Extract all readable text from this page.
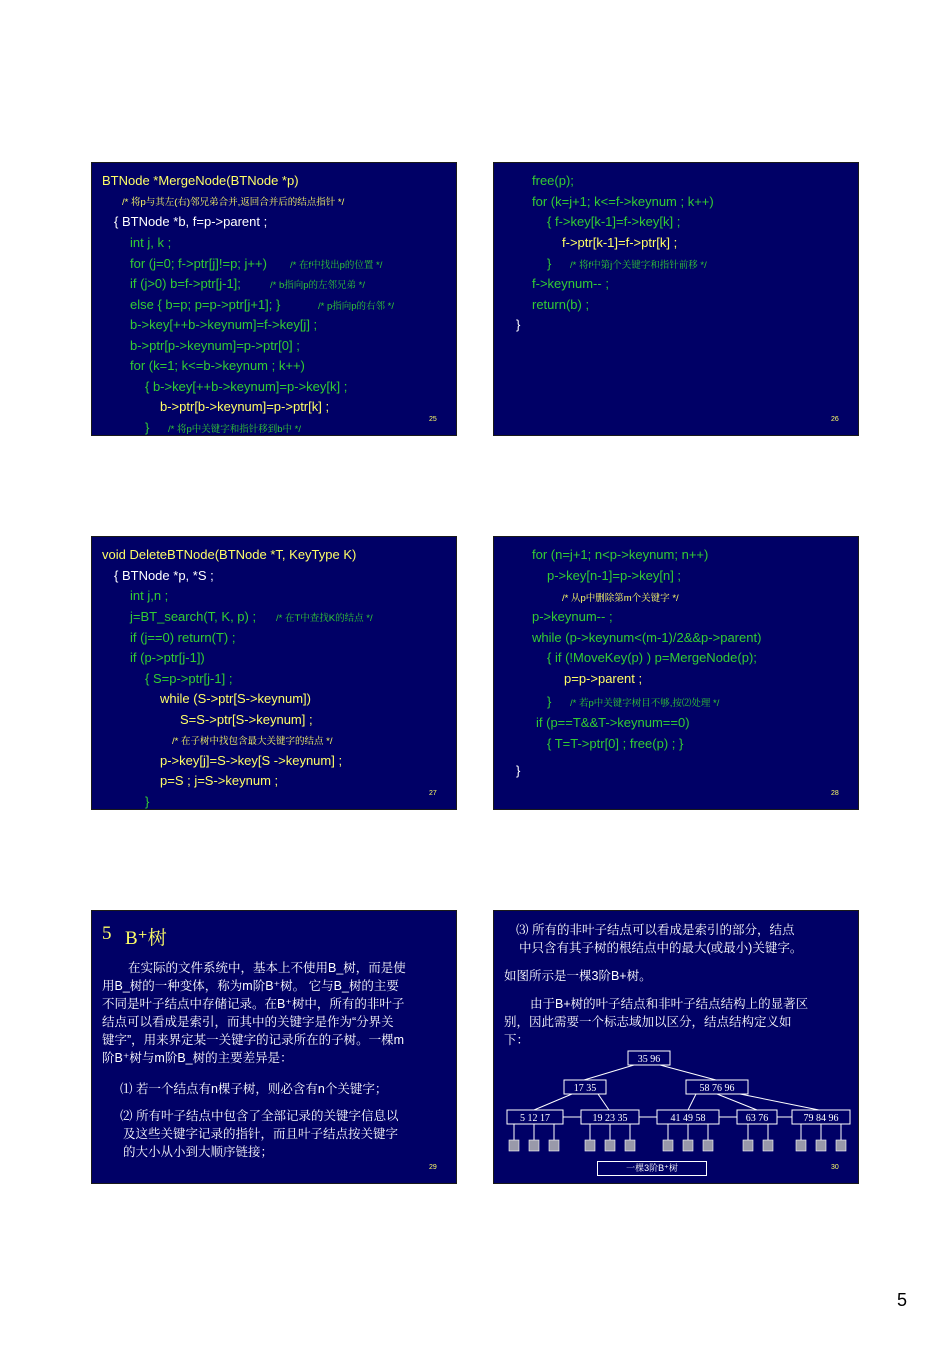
BTNode *MergeNode(BTNode *p)
/* 将p与其左(右)邻兄弟合并,返回合并后的结点指针 */
{ BTNode *b, f=p->parent ;
int j, k ;
for (j=0; f->ptr[j]!=p; j++) /* 在f中找出p的位置 */
if (j>0) b=f->ptr[j-1];	/* b指向p的左邻兄弟 */
else { b=p; p=p->ptr[j+1]; }	/* p指向p的右邻 */
b->key[++b->keynum]=f->key[j] ;
b->ptr[p->keynum]=p->ptr[0] ;
for (k=1; k<=b->keynum ; k++)
{ b->key[++b->keynum]=p->key[k] ;
b->ptr[b->keynum]=p->ptr[k] ;
} /* 将p中关键字和指针移到b中 */
25
free(p);
for (k=j+1; k<=f->keynum ; k++)
{ f->key[k-1]=f->key[k] ;
f->ptr[k-1]=f->ptr[k] ;
} /* 将f中第j个关键字和指针前移 */
f->keynum-- ;
return(b) ;
}
26
void DeleteBTNode(BTNode *T, KeyType K)
{ BTNode *p, *S ;
int j,n ;
j=BT_search(T, K, p) ; /* 在T中查找K的结点 */
if (j==0) return(T) ;
if (p->ptr[j-1])
{ S=p->ptr[j-1] ;
while (S->ptr[S->keynum])
S=S->ptr[S->keynum] ;
/* 在子树中找包含最大关键字的结点 */
p->key[j]=S->key[S ->keynum] ;
p=S ; j=S->keynum ;
}
27
for (n=j+1; n<p->keynum; n++)
p->key[n-1]=p->key[n] ;
/* 从p中删除第m个关键字 */
p->keynum-- ;
while (p->keynum<(m-1)/2&&p->parent)
{ if (!MoveKey(p) ) p=MergeNode(p);
p=p->parent ;
} /* 若p中关键字树目不够,按⑵处理 */
if (p==T&&T->keynum==0)
{ T=T->ptr[0] ; free(p) ; }
}
28
5 B⁺树
在实际的文件系统中，基本上不使用B_树，而是使
用B_树的一种变体，称为m阶B⁺树。 它与B_树的主要
不同是叶子结点中存储记录。在B⁺树中，所有的非叶子
结点可以看成是索引，而其中的关键字是作为“分界关
键字”，用来界定某一关键字的记录所在的子树。一棵m
阶B⁺树与m阶B_树的主要差异是：
⑴ 若一个结点有n棵子树，则必含有n个关键字；
⑵ 所有叶子结点中包含了全部记录的关键字信息以
及这些关键字记录的指针，而且叶子结点按关键字
的大小从小到大顺序链接；
29
⑶ 所有的非叶子结点可以看成是索引的部分，结点
中只含有其子树的根结点中的最大(或最小)关键字。
如图所示是一棵3阶B+树。
由于B+树的叶子结点和非叶子结点结构上的显著区
别，因此需要一个标志域加以区分，结点结构定义如
下：
35 96
17 35	58 76 96
5 12 17	19 23 35	41 49 58	63 76	79 84 96
一棵3阶B⁺树	30
5
